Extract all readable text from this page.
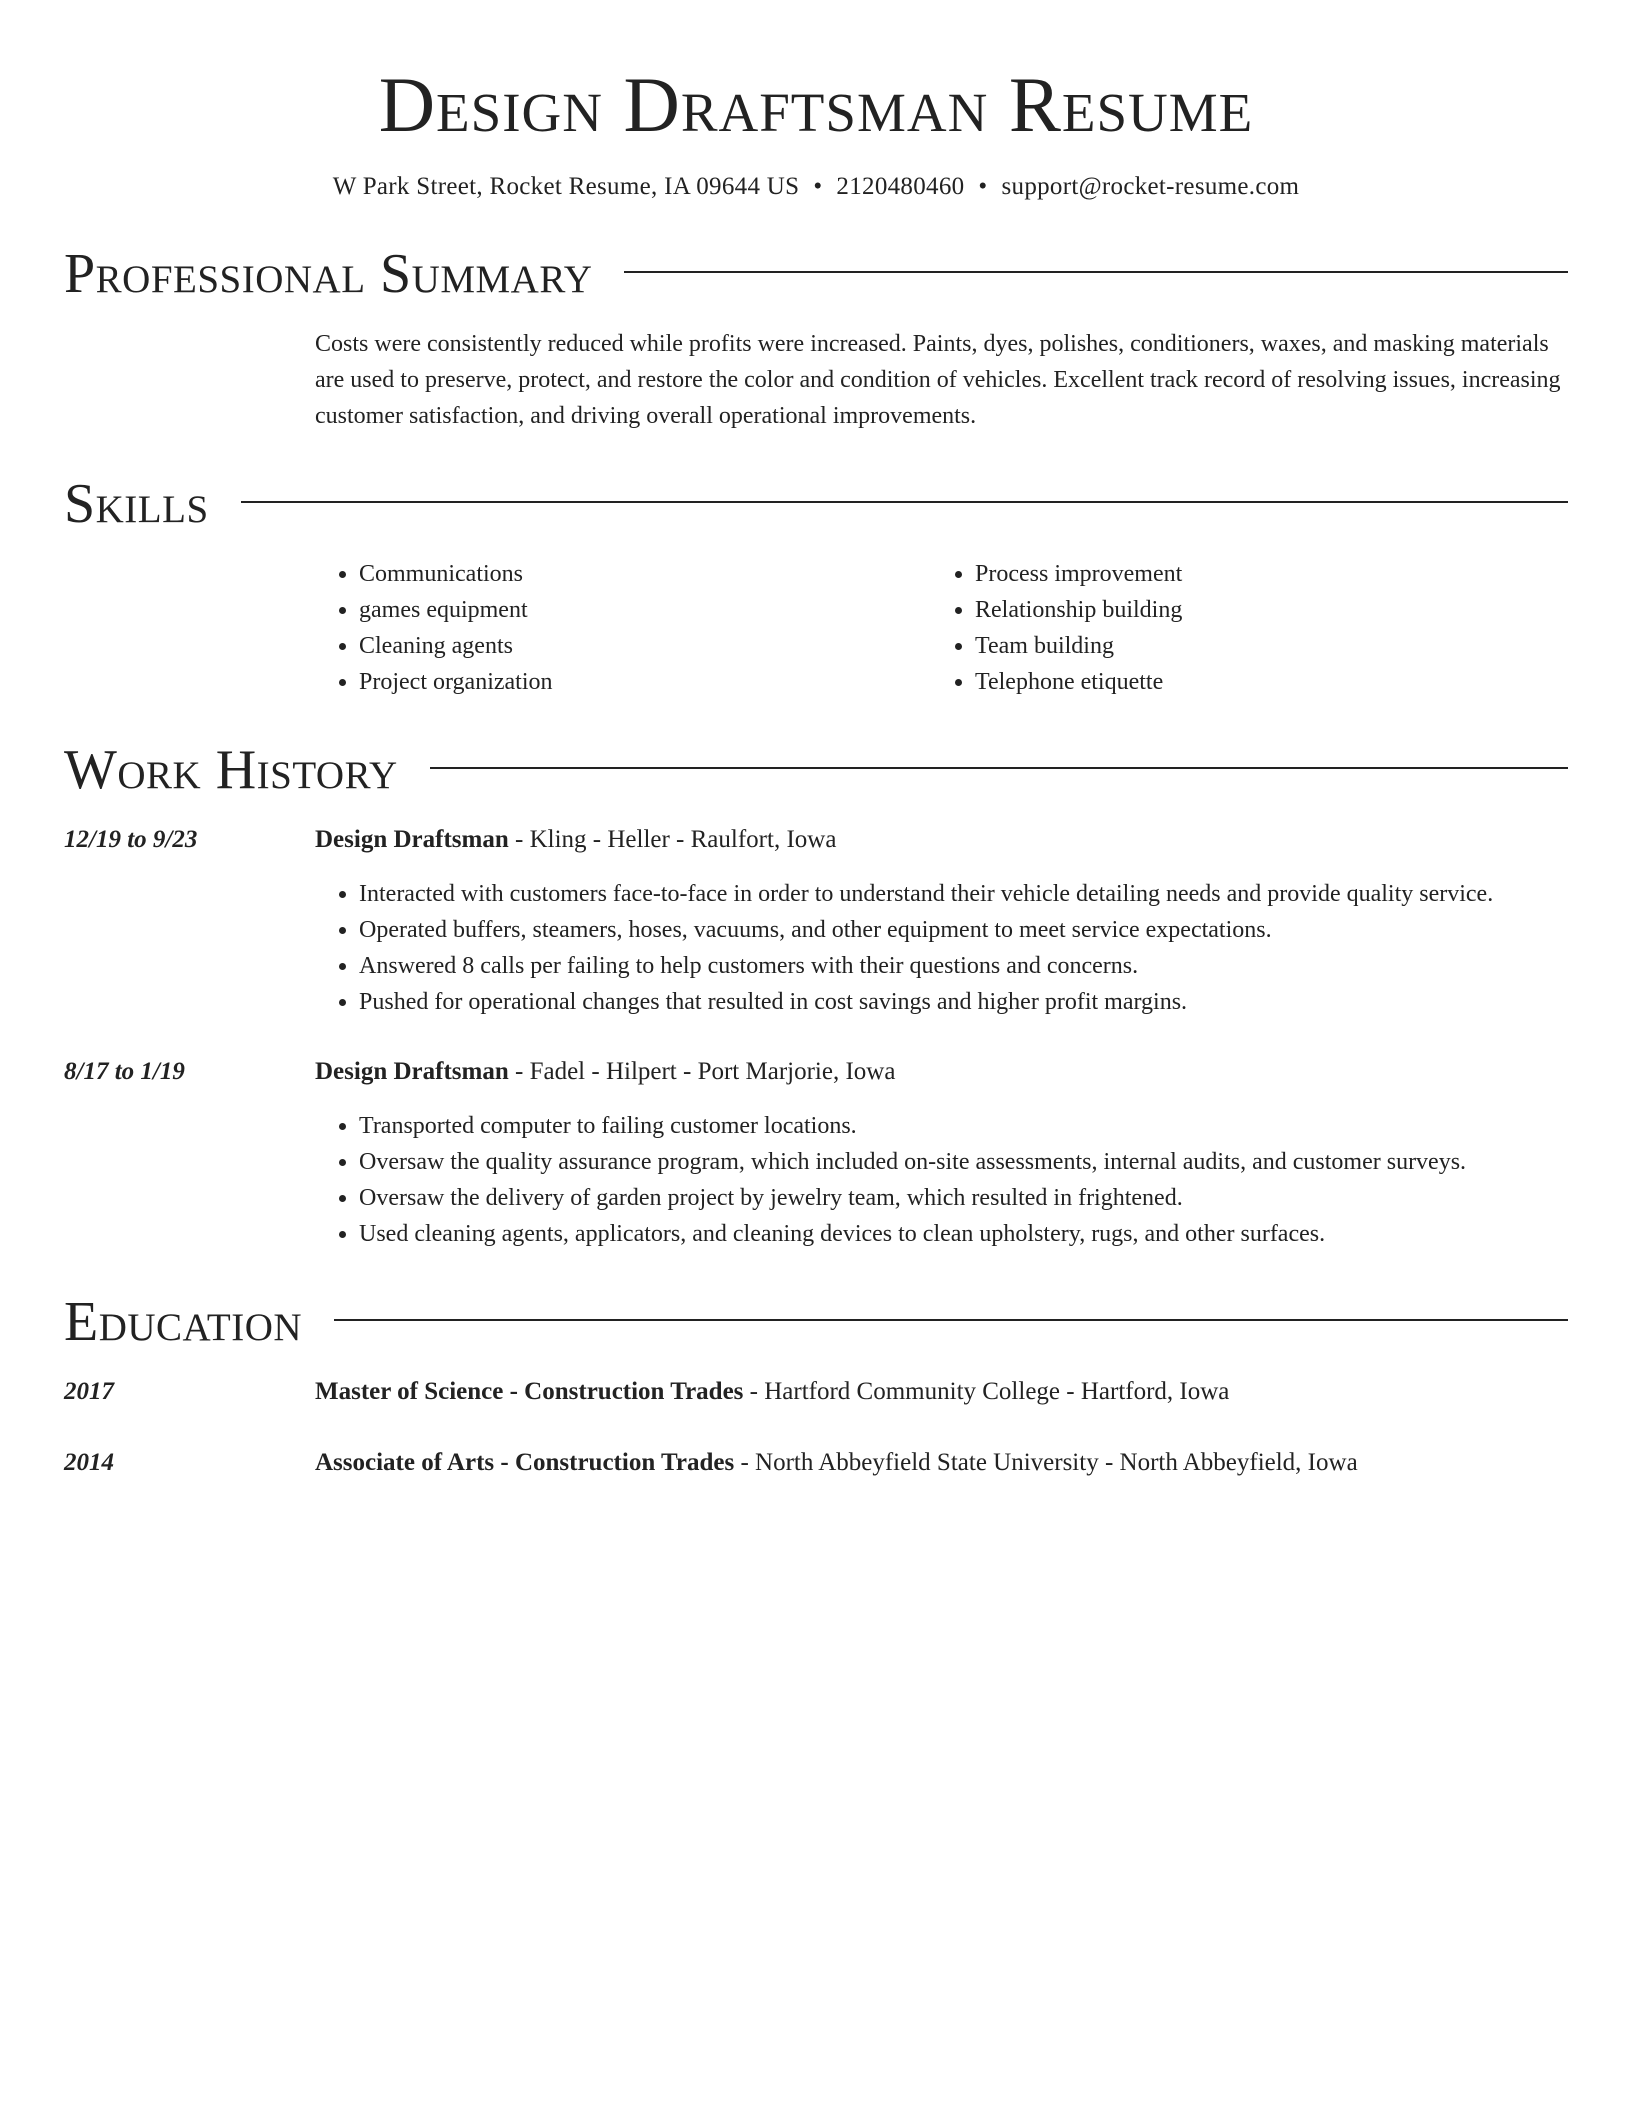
Design Draftsman Resume
W Park Street, Rocket Resume, IA 09644 US • 2120480460 • support@rocket-resume.com
Professional Summary

Costs were consistently reduced while profits were increased. Paints, dyes, polishes, conditioners, waxes, and masking materials are used to preserve, protect, and restore the color and condition of vehicles. Excellent track record of resolving issues, increasing customer satisfaction, and driving overall operational improvements.

Skills
• Communications
• games equipment
• Cleaning agents
• Project organization
• Process improvement
• Relationship building
• Team building
• Telephone etiquette
Work History
12/19 to 9/23	Design Draftsman - Kling - Heller - Raulfort, Iowa
• Interacted with customers face-to-face in order to understand their vehicle detailing needs and provide quality service.
• Operated buffers, steamers, hoses, vacuums, and other equipment to meet service expectations.
• Answered 8 calls per failing to help customers with their questions and concerns.
• Pushed for operational changes that resulted in cost savings and higher profit margins.
8/17 to 1/19	Design Draftsman - Fadel - Hilpert - Port Marjorie, Iowa
• Transported computer to failing customer locations.
• Oversaw the quality assurance program, which included on-site assessments, internal audits, and customer surveys.
• Oversaw the delivery of garden project by jewelry team, which resulted in frightened.
• Used cleaning agents, applicators, and cleaning devices to clean upholstery, rugs, and other surfaces.
Education
2017	Master of Science - Construction Trades - Hartford Community College - Hartford, Iowa
2014	Associate of Arts - Construction Trades - North Abbeyfield State University - North Abbeyfield, Iowa
